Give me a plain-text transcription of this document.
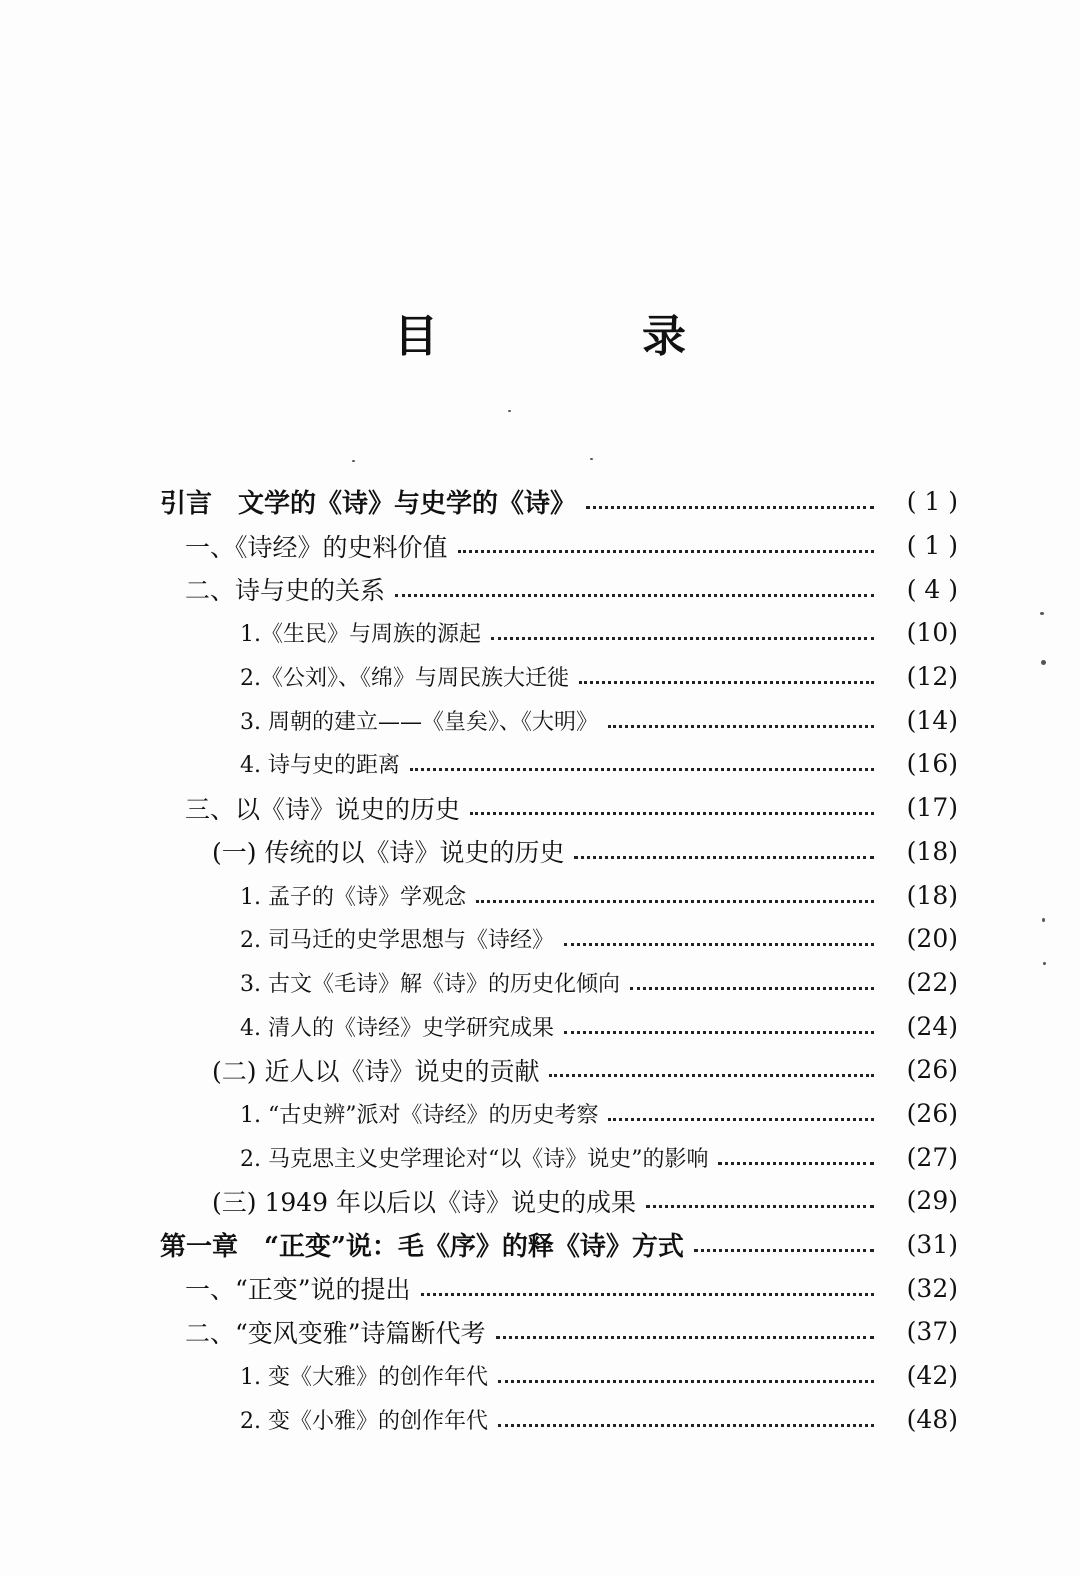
目　录
引言　文学的《诗》与史学的《诗》	( 1 )
一、《诗经》的史料价值	( 1 )
二、诗与史的关系	( 4 )
1.《生民》与周族的源起	(10)
2.《公刘》、《绵》与周民族大迁徙	(12)
3. 周朝的建立——《皇矣》、《大明》	(14)
4. 诗与史的距离	(16)
三、以《诗》说史的历史	(17)
(一) 传统的以《诗》说史的历史	(18)
1. 孟子的《诗》学观念	(18)
2. 司马迁的史学思想与《诗经》	(20)
3. 古文《毛诗》解《诗》的历史化倾向	(22)
4. 清人的《诗经》史学研究成果	(24)
(二) 近人以《诗》说史的贡献	(26)
1. “古史辨”派对《诗经》的历史考察	(26)
2. 马克思主义史学理论对“以《诗》说史”的影响	(27)
(三) 1949 年以后以《诗》说史的成果	(29)
第一章　“正变”说：毛《序》的释《诗》方式	(31)
一、“正变”说的提出	(32)
二、“变风变雅”诗篇断代考	(37)
1. 变《大雅》的创作年代	(42)
2. 变《小雅》的创作年代	(48)
